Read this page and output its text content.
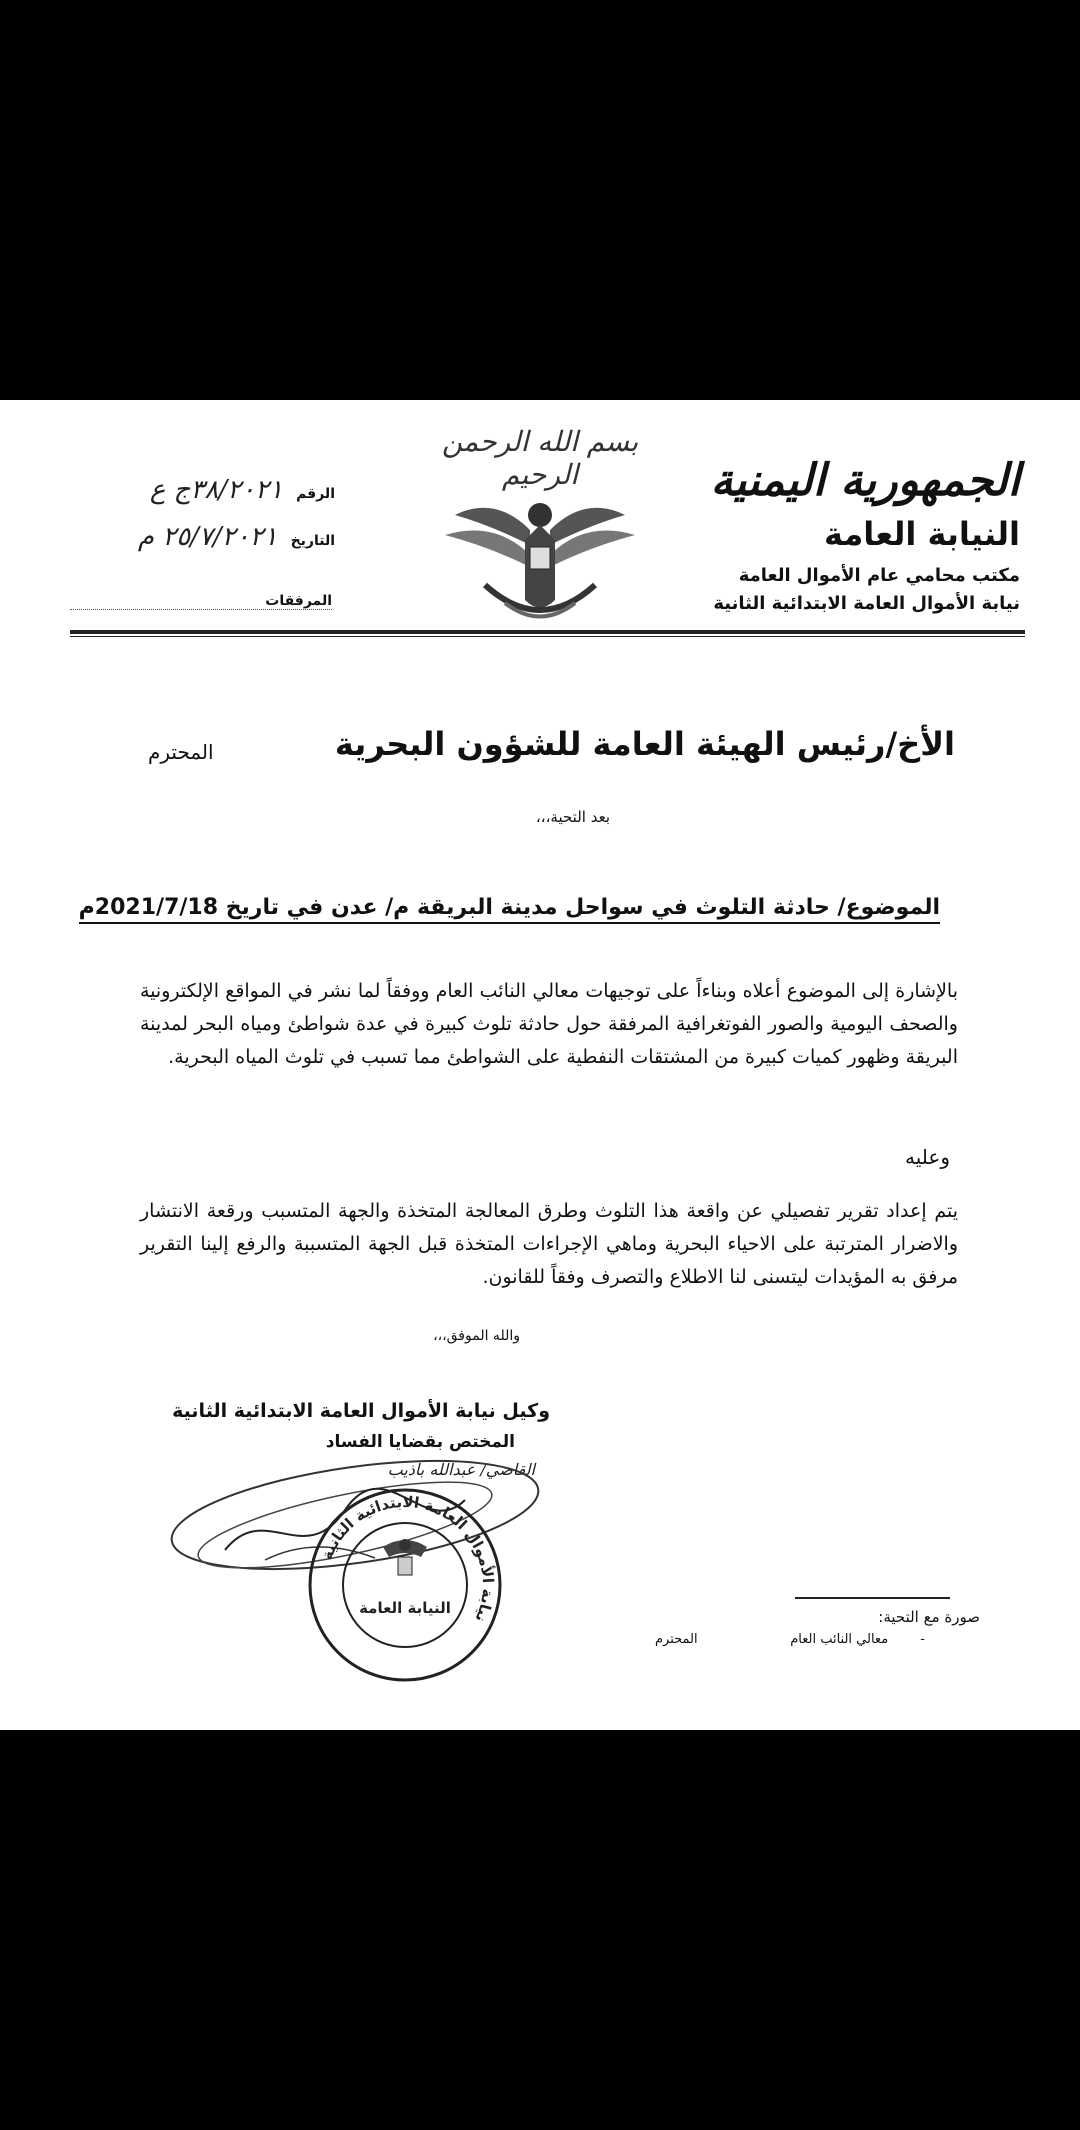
بسم الله الرحمن الرحيم	الجمهورية اليمنية
النيابة العامة
مكتب محامي عام الأموال العامة
نيابة الأموال العامة الابتدائية الثانية
الرقم ٣٨/٢٠٢١ج ع
التاريخ ٢٥/٧/٢٠٢١ م
المرفقات
الأخ/رئيس الهيئة العامة للشؤون البحرية
المحترم
بعد التحية،،،
الموضوع/ حادثة التلوث في سواحل مدينة البريقة م/ عدن في تاريخ 2021/7/18م
بالإشارة إلى الموضوع أعلاه وبناءاً على توجيهات معالي النائب العام ووفقاً لما نشر في المواقع الإلكترونية والصحف اليومية والصور الفوتغرافية المرفقة حول حادثة تلوث كبيرة في عدة شواطئ ومياه البحر لمدينة البريقة وظهور كميات كبيرة من المشتقات النفطية على الشواطئ مما تسبب في تلوث المياه البحرية.
وعليه
يتم إعداد تقرير تفصيلي عن واقعة هذا التلوث وطرق المعالجة المتخذة والجهة المتسبب ورقعة الانتشار والاضرار المترتبة على الاحياء البحرية وماهي الإجراءات المتخذة قبل الجهة المتسببة والرفع إلينا التقرير مرفق به المؤيدات ليتسنى لنا الاطلاع والتصرف وفقاً للقانون.
والله الموفق،،،
وكيل نيابة الأموال العامة الابتدائية الثانية
المختص بقضايا الفساد
القاضي/ عبدالله باذيب
نيابة الأموال العامة الابتدائية الثانية
النيابة العامة	صورة مع التحية:
المحترم	- معالي النائب العام
